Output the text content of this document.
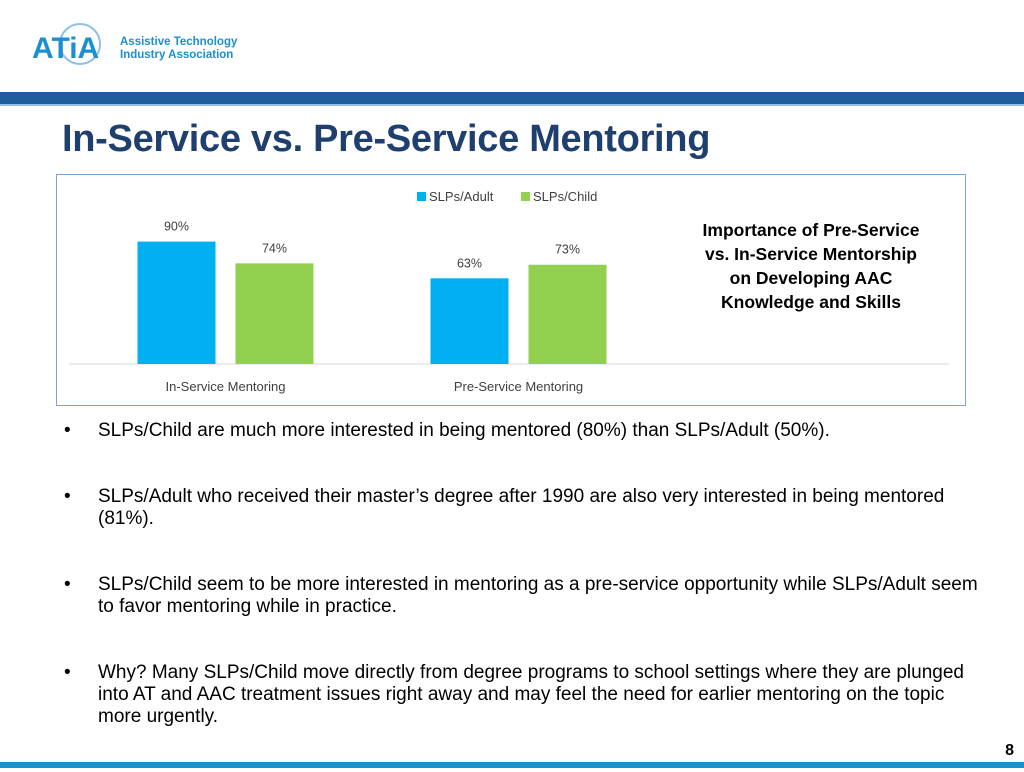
ATiA Assistive Technology
Industry Association
In-Service vs. Pre-Service Mentoring
90%
74%
In-Service Mentoring
63%
73%
Pre-Service Mentoring
SLPs/Adult	SLPs/Child
Importance of Pre-Service vs. In-Service Mentorship on Developing AAC Knowledge and Skills
• SLPs/Child are much more interested in being mentored (80%) than SLPs/Adult (50%).
• SLPs/Adult who received their master’s degree after 1990 are also very interested in being mentored (81%).
• SLPs/Child seem to be more interested in mentoring as a pre-service opportunity while SLPs/Adult seem to favor mentoring while in practice.
• Why? Many SLPs/Child move directly from degree programs to school settings where they are plunged into AT and AAC treatment issues right away and may feel the need for earlier mentoring on the topic more urgently.
8
